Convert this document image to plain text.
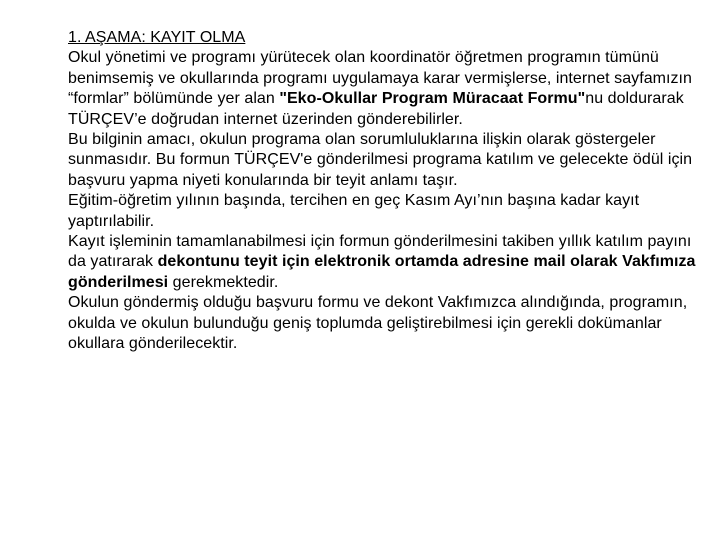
1. AŞAMA: KAYIT OLMA
Okul yönetimi ve programı yürütecek olan koordinatör öğretmen programın tümünü benimsemiş ve okullarında programı uygulamaya karar vermişlerse, internet sayfamızın “formlar” bölümünde yer alan "Eko-Okullar Program Müracaat Formu"nu doldurarak TÜRÇEV’e doğrudan internet üzerinden gönderebilirler.
Bu bilginin amacı, okulun programa olan sorumluluklarına ilişkin olarak göstergeler sunmasıdır. Bu formun TÜRÇEV'e gönderilmesi programa katılım ve gelecekte ödül için başvuru yapma niyeti konularında bir teyit anlamı taşır.
Eğitim-öğretim yılının başında, tercihen en geç Kasım Ayı’nın başına kadar kayıt yaptırılabilir.
Kayıt işleminin tamamlanabilmesi için formun gönderilmesini takiben yıllık katılım payını da yatırarak dekontunu teyit için elektronik ortamda adresine mail olarak Vakfımıza gönderilmesi gerekmektedir.
Okulun göndermiş olduğu başvuru formu ve dekont Vakfımızca alındığında, programın, okulda ve okulun bulunduğu geniş toplumda geliştirebilmesi için gerekli dokümanlar okullara gönderilecektir.
